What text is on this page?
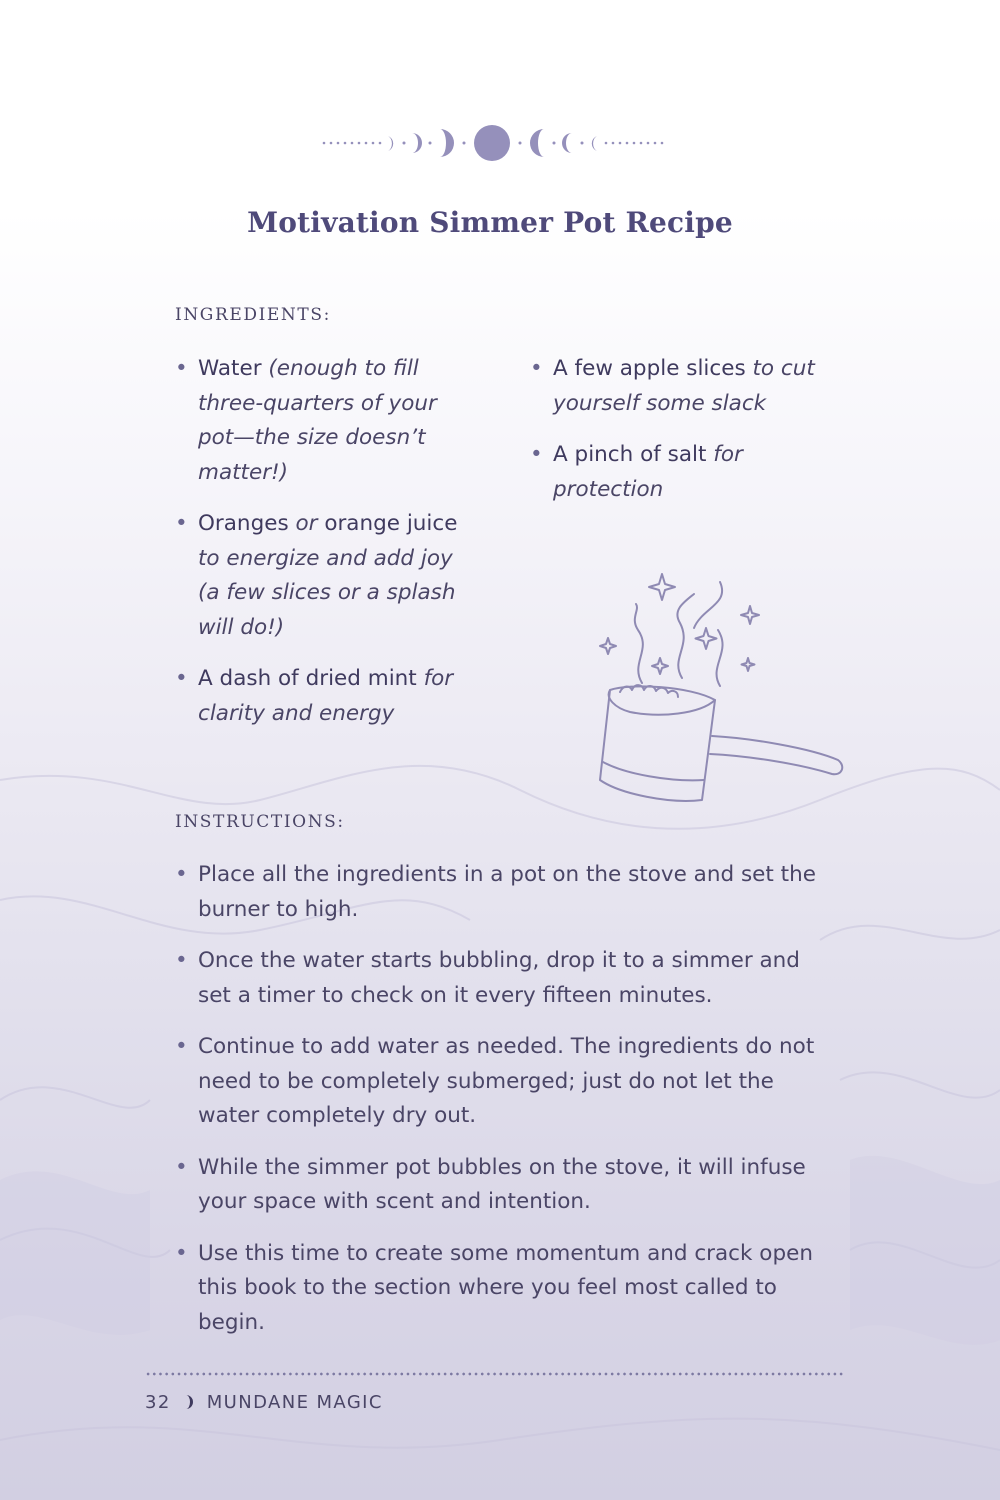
Motivation Simmer Pot Recipe
INGREDIENTS:
• Water (enough to fill three-quarters of your pot—the size doesn’t matter!)
• Oranges or orange juice to energize and add joy (a few slices or a splash will do!)
• A dash of dried mint for clarity and energy
• A few apple slices to cut yourself some slack
• A pinch of salt for protection
INSTRUCTIONS:
• Place all the ingredients in a pot on the stove and set the burner to high.
• Once the water starts bubbling, drop it to a simmer and set a timer to check on it every fifteen minutes.
• Continue to add water as needed. The ingredients do not need to be completely submerged; just do not let the water completely dry out.
• While the simmer pot bubbles on the stove, it will infuse your space with scent and intention.
• Use this time to create some momentum and crack open this book to the section where you feel most called to begin.
32 MUNDANE MAGIC
